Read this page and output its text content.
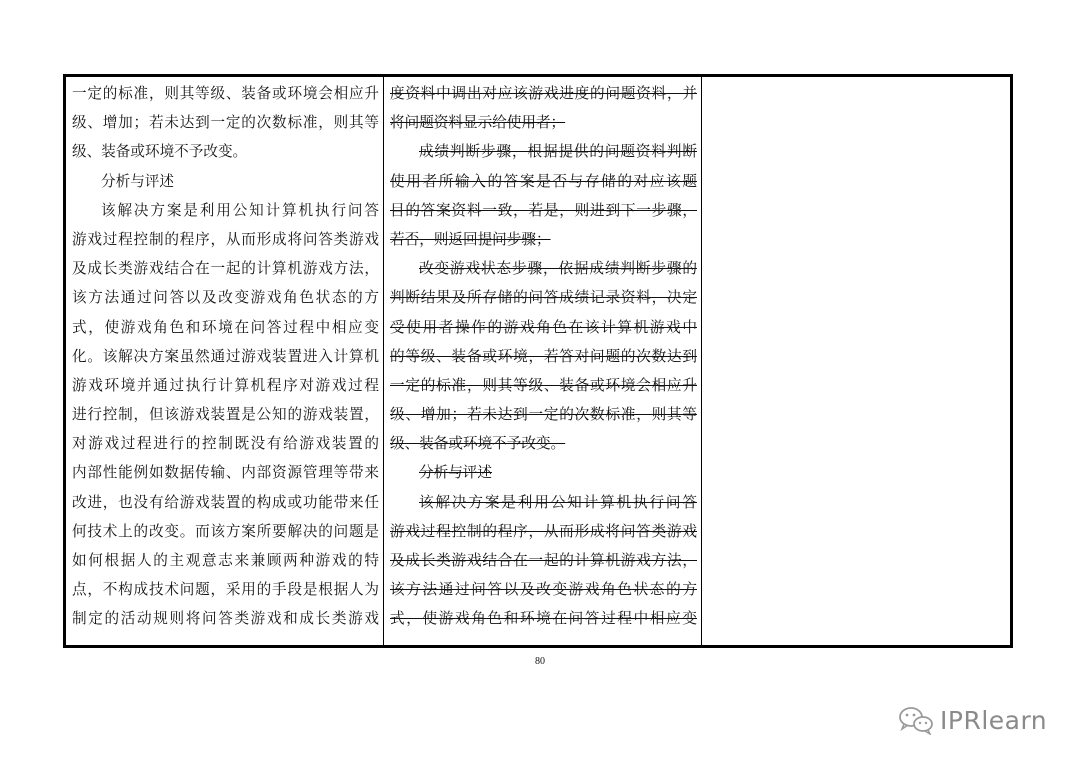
一定的标准，则其等级、装备或环境会相应升
级、增加；若未达到一定的次数标准，则其等
级、装备或环境不予改变。
分析与评述
该解决方案是利用公知计算机执行问答
游戏过程控制的程序，从而形成将问答类游戏
及成长类游戏结合在一起的计算机游戏方法，
该方法通过问答以及改变游戏角色状态的方
式，使游戏角色和环境在问答过程中相应变
化。该解决方案虽然通过游戏装置进入计算机
游戏环境并通过执行计算机程序对游戏过程
进行控制，但该游戏装置是公知的游戏装置，
对游戏过程进行的控制既没有给游戏装置的
内部性能例如数据传输、内部资源管理等带来
改进，也没有给游戏装置的构成或功能带来任
何技术上的改变。而该方案所要解决的问题是
如何根据人的主观意志来兼顾两种游戏的特
点，不构成技术问题，采用的手段是根据人为
制定的活动规则将问答类游戏和成长类游戏
度资料中调出对应该游戏进度的问题资料，并
将问题资料显示给使用者；
成绩判断步骤，根据提供的问题资料判断
使用者所输入的答案是否与存储的对应该题
目的答案资料一致，若是，则进到下一步骤，
若否，则返回提问步骤；
改变游戏状态步骤，依据成绩判断步骤的
判断结果及所存储的问答成绩记录资料，决定
受使用者操作的游戏角色在该计算机游戏中
的等级、装备或环境，若答对问题的次数达到
一定的标准，则其等级、装备或环境会相应升
级、增加；若未达到一定的次数标准，则其等
级、装备或环境不予改变。
分析与评述
该解决方案是利用公知计算机执行问答
游戏过程控制的程序，从而形成将问答类游戏
及成长类游戏结合在一起的计算机游戏方法，
该方法通过问答以及改变游戏角色状态的方
式，使游戏角色和环境在问答过程中相应变
80
IPRlearn
